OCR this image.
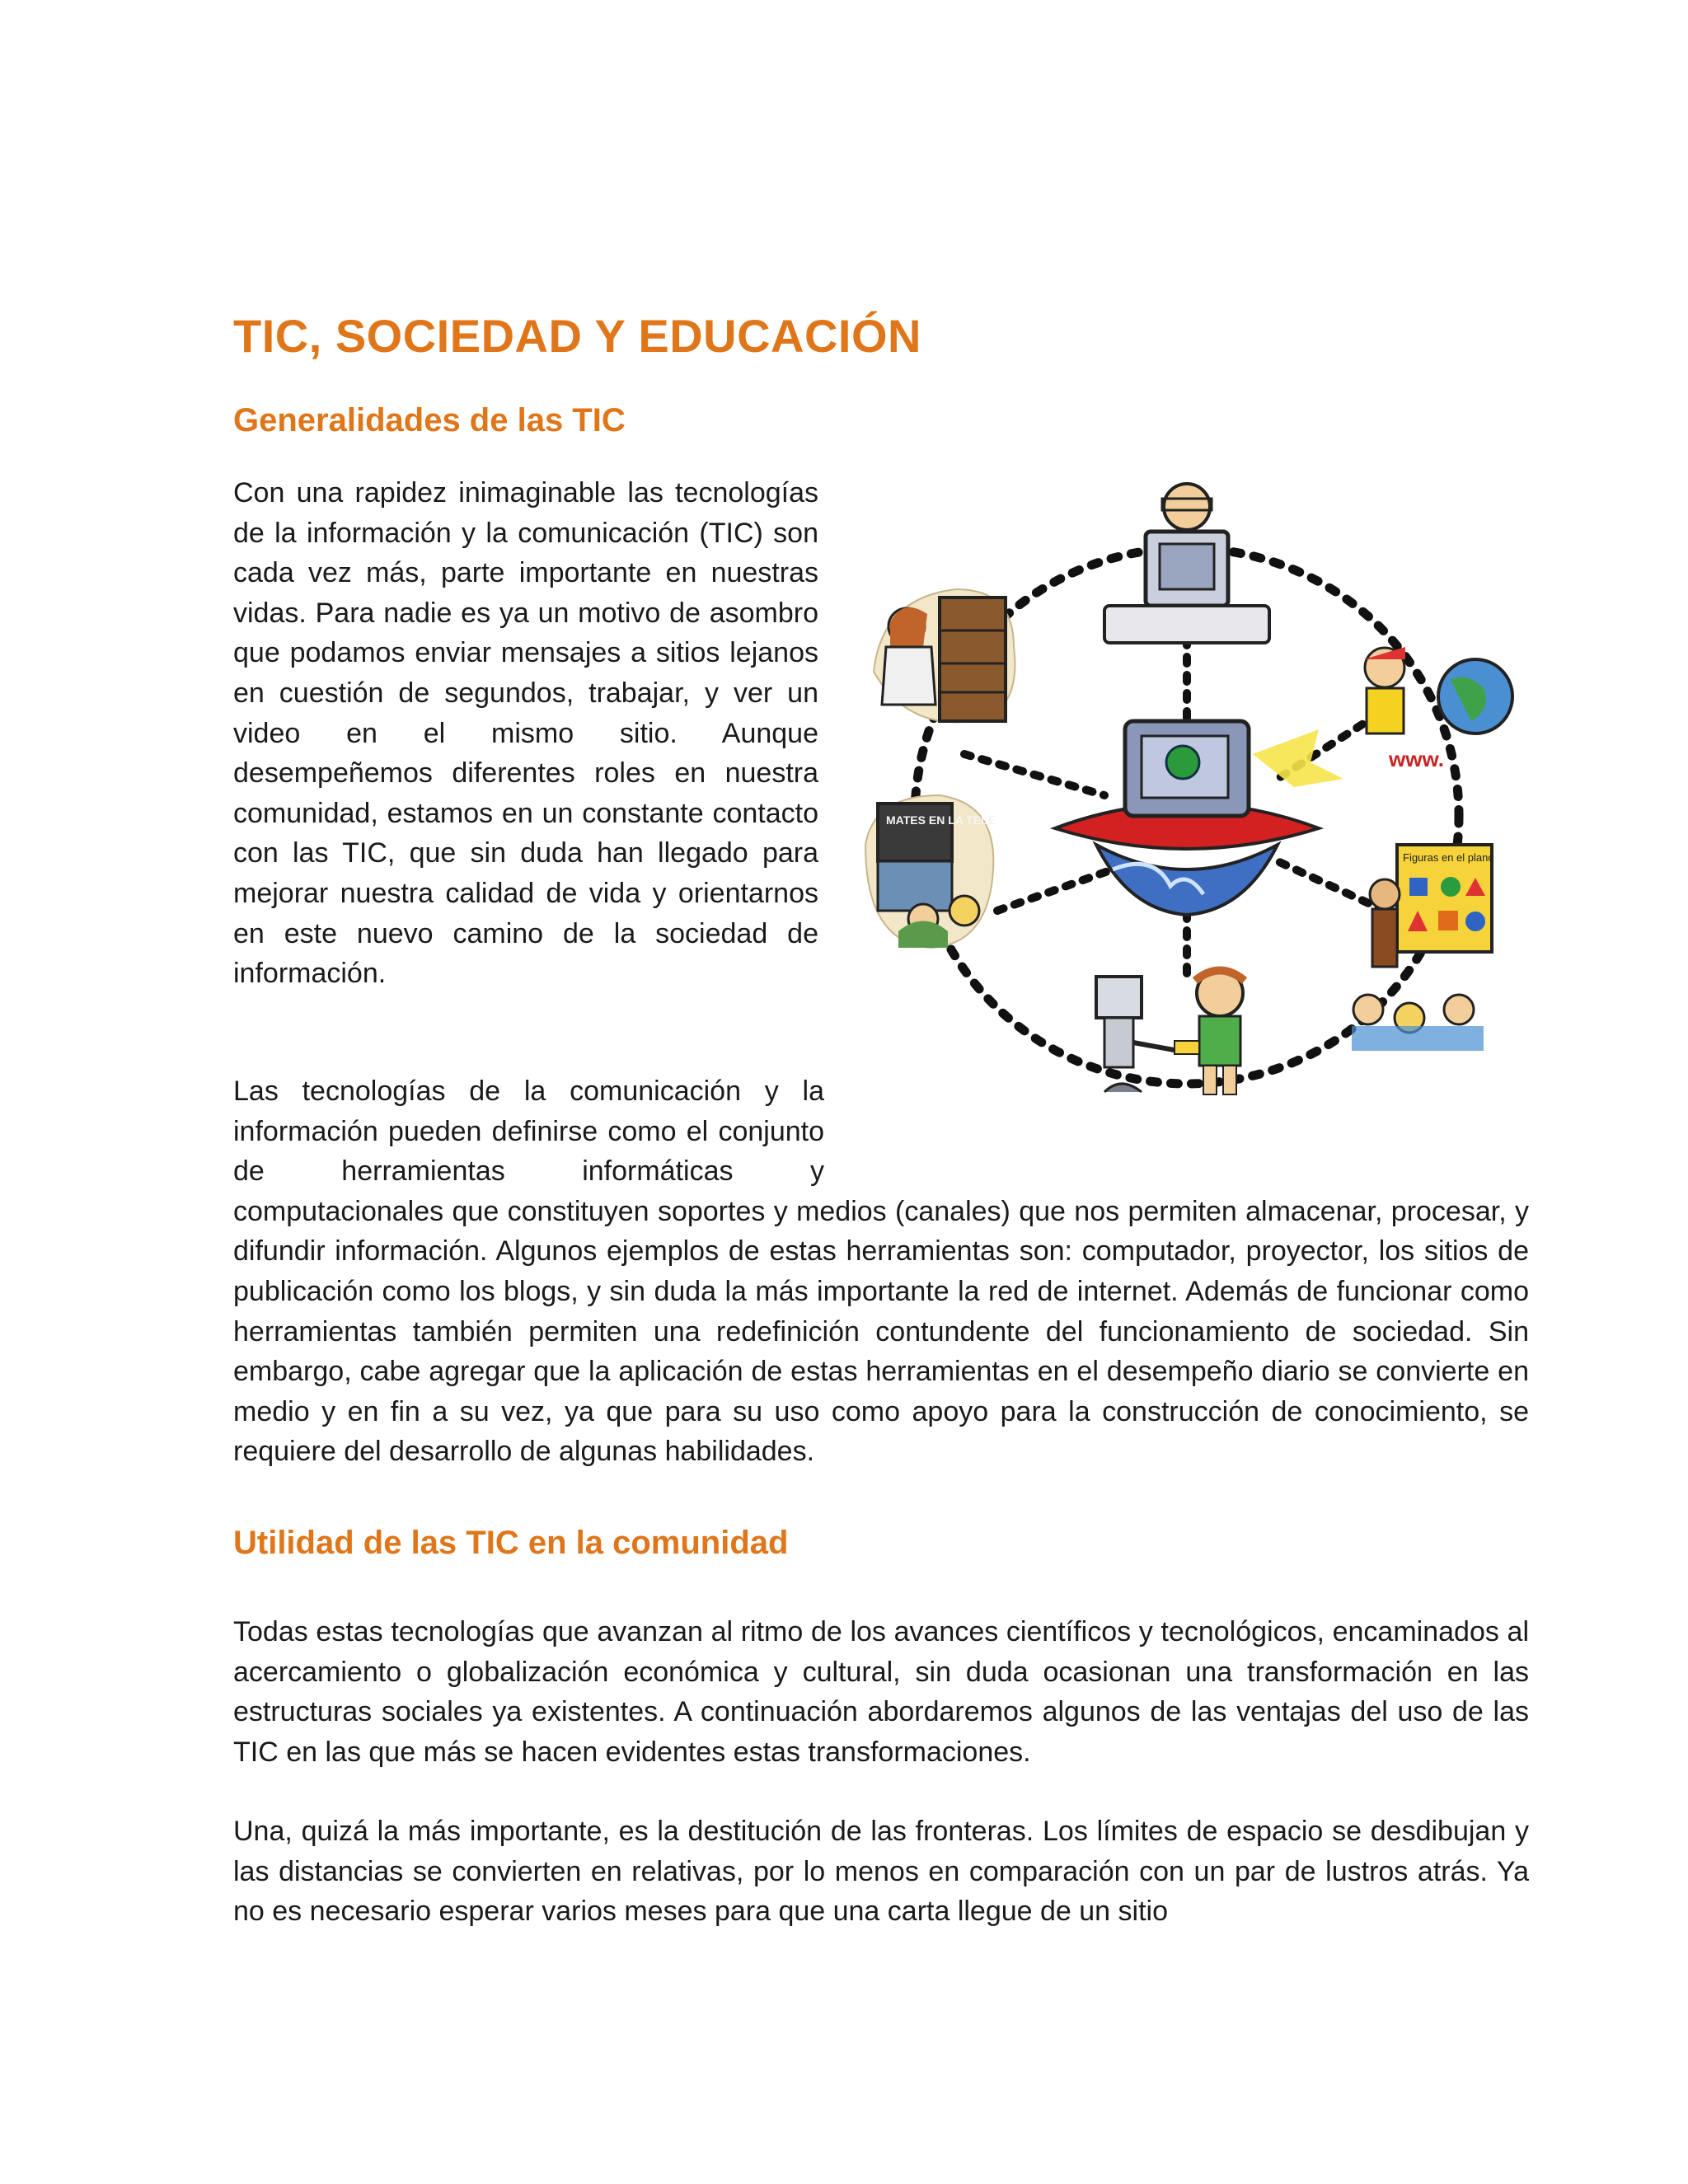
TIC, SOCIEDAD Y EDUCACIÓN
Generalidades de las TIC

Con una rapidez inimaginable las tecnologías de la información y la comunicación (TIC) son cada vez más, parte importante en nuestras vidas. Para nadie es ya un motivo de asombro que podamos enviar mensajes a sitios lejanos en cuestión de segundos, trabajar, y ver un video en el mismo sitio. Aunque desempeñemos diferentes roles en nuestra comunidad, estamos en un constante contacto con las TIC, que sin duda han llegado para mejorar nuestra calidad de vida y orientarnos en este nuevo camino de la sociedad de información.

Las tecnologías de la comunicación y la información pueden definirse como el conjunto de herramientas informáticas y computacionales que constituyen soportes y medios (canales) que nos permiten almacenar, procesar, y difundir información. Algunos ejemplos de estas herramientas son: computador, proyector, los sitios de publicación como los blogs, y sin duda la más importante la red de internet. Además de funcionar como herramientas también permiten una redefinición contundente del funcionamiento de sociedad. Sin embargo, cabe agregar que la aplicación de estas herramientas en el desempeño diario se convierte en medio y en fin a su vez, ya que para su uso como apoyo para la construcción de conocimiento, se requiere del desarrollo de algunas habilidades.

Utilidad de las TIC en la comunidad

Todas estas tecnologías que avanzan al ritmo de los avances científicos y tecnológicos, encaminados al acercamiento o globalización económica y cultural, sin duda ocasionan una transformación en las estructuras sociales ya existentes. A continuación abordaremos algunos de las ventajas del uso de las TIC en las que más se hacen evidentes estas transformaciones.

Una, quizá la más importante, es la destitución de las fronteras. Los límites de espacio se desdibujan y las distancias se convierten en relativas, por lo menos en comparación con un par de lustros atrás. Ya no es necesario esperar varios meses para que una carta llegue de un sitio

www.
MATES EN LA TELE
Figuras en el plano
